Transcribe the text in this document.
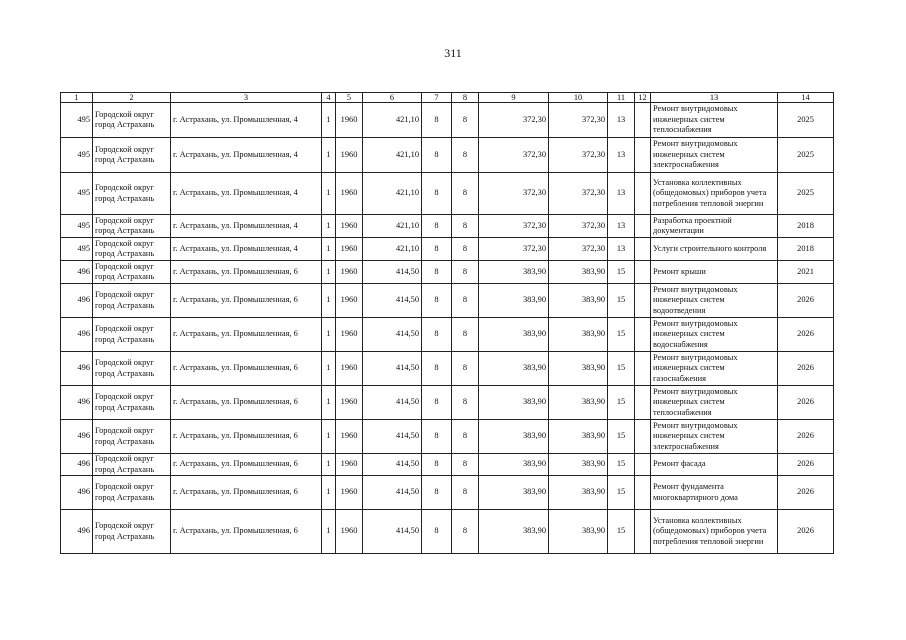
311
1	2	3	4	5	6	7	8	9	10	11	12	13	14
495	Городской округ город Астрахань	г. Астрахань, ул. Промышленная, 4	1	1960	421,10	8	8	372,30	372,30	13		Ремонт внутридомовых инженерных систем теплоснабжения	2025
495	Городской округ город Астрахань	г. Астрахань, ул. Промышленная, 4	1	1960	421,10	8	8	372,30	372,30	13		Ремонт внутридомовых инженерных систем электроснабжения	2025
495	Городской округ город Астрахань	г. Астрахань, ул. Промышленная, 4	1	1960	421,10	8	8	372,30	372,30	13		Установка коллективных (общедомовых) приборов учета потребления тепловой энергии	2025
495	Городской округ город Астрахань	г. Астрахань, ул. Промышленная, 4	1	1960	421,10	8	8	372,30	372,30	13		Разработка проектной документации	2018
495	Городской округ город Астрахань	г. Астрахань, ул. Промышленная, 4	1	1960	421,10	8	8	372,30	372,30	13		Услуги строительного контроля	2018
496	Городской округ город Астрахань	г. Астрахань, ул. Промышленная, 6	1	1960	414,50	8	8	383,90	383,90	15		Ремонт крыши	2021
496	Городской округ город Астрахань	г. Астрахань, ул. Промышленная, 6	1	1960	414,50	8	8	383,90	383,90	15		Ремонт внутридомовых инженерных систем водоотведения	2026
496	Городской округ город Астрахань	г. Астрахань, ул. Промышленная, 6	1	1960	414,50	8	8	383,90	383,90	15		Ремонт внутридомовых инженерных систем водоснабжения	2026
496	Городской округ город Астрахань	г. Астрахань, ул. Промышленная, 6	1	1960	414,50	8	8	383,90	383,90	15		Ремонт внутридомовых инженерных систем газоснабжения	2026
496	Городской округ город Астрахань	г. Астрахань, ул. Промышленная, 6	1	1960	414,50	8	8	383,90	383,90	15		Ремонт внутридомовых инженерных систем теплоснабжения	2026
496	Городской округ город Астрахань	г. Астрахань, ул. Промышленная, 6	1	1960	414,50	8	8	383,90	383,90	15		Ремонт внутридомовых инженерных систем электроснабжения	2026
496	Городской округ город Астрахань	г. Астрахань, ул. Промышленная, 6	1	1960	414,50	8	8	383,90	383,90	15		Ремонт фасада	2026
496	Городской округ город Астрахань	г. Астрахань, ул. Промышленная, 6	1	1960	414,50	8	8	383,90	383,90	15		Ремонт фундамента многоквартирного дома	2026
496	Городской округ город Астрахань	г. Астрахань, ул. Промышленная, 6	1	1960	414,50	8	8	383,90	383,90	15		Установка коллективных (общедомовых) приборов учета потребления тепловой энергии	2026
